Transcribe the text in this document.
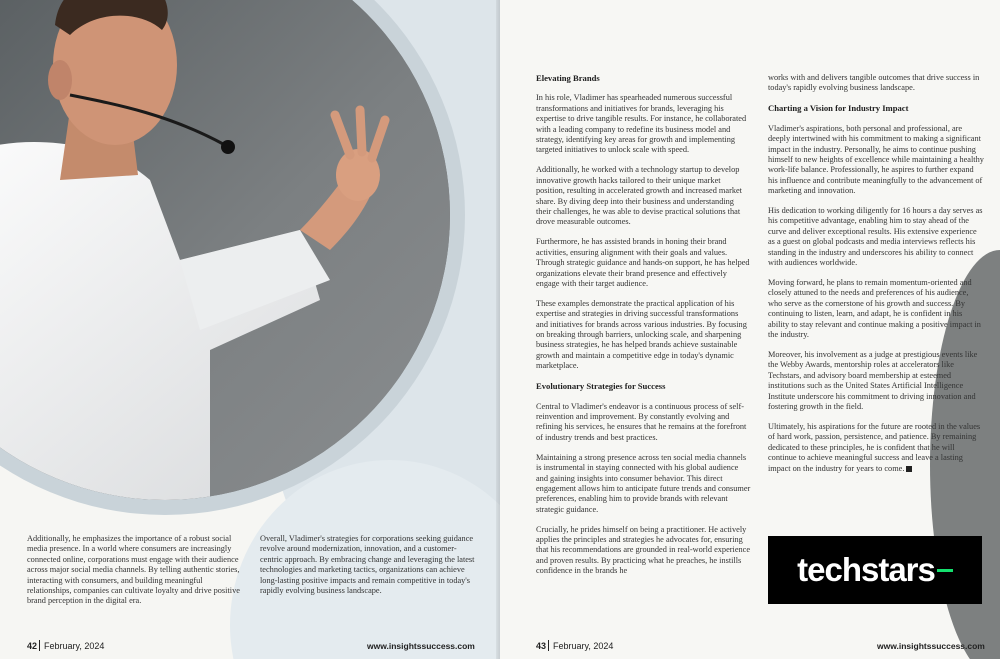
Additionally, he emphasizes the importance of a robust social media presence. In a world where consumers are increasingly connected online, corporations must engage with their audience across major social media channels. By telling authentic stories, interacting with consumers, and building meaningful relationships, companies can cultivate loyalty and drive positive brand perception in the digital era.

Overall, Vladimer's strategies for corporations seeking guidance revolve around modernization, innovation, and a customer-centric approach. By embracing change and leveraging the latest technologies and marketing tactics, organizations can achieve long-lasting positive impacts and remain competitive in today's rapidly evolving business landscape.

42 February, 2024	www.insightssuccess.com
Elevating Brands

In his role, Vladimer has spearheaded numerous successful transformations and initiatives for brands, leveraging his expertise to drive tangible results. For instance, he collaborated with a leading company to redefine its business model and strategy, identifying key areas for growth and implementing targeted initiatives to unlock scale with speed.

Additionally, he worked with a technology startup to develop innovative growth hacks tailored to their unique market position, resulting in accelerated growth and increased market share. By diving deep into their business and understanding their challenges, he was able to devise practical solutions that drove measurable outcomes.

Furthermore, he has assisted brands in honing their brand activities, ensuring alignment with their goals and values. Through strategic guidance and hands-on support, he has helped organizations elevate their brand presence and effectively engage with their target audience.

These examples demonstrate the practical application of his expertise and strategies in driving successful transformations and initiatives for brands across various industries. By focusing on breaking through barriers, unlocking scale, and sharpening business strategies, he has helped brands achieve sustainable growth and maintain a competitive edge in today's dynamic marketplace.

Evolutionary Strategies for Success

Central to Vladimer's endeavor is a continuous process of self-reinvention and improvement. By constantly evolving and refining his services, he ensures that he remains at the forefront of industry trends and best practices.

Maintaining a strong presence across ten social media channels is instrumental in staying connected with his global audience and gaining insights into consumer behavior. This direct engagement allows him to anticipate future trends and consumer preferences, enabling him to provide brands with relevant strategic guidance.

Crucially, he prides himself on being a practitioner. He actively applies the principles and strategies he advocates for, ensuring that his recommendations are grounded in real-world experience and proven results. By practicing what he preaches, he instills confidence in the brands he

works with and delivers tangible outcomes that drive success in today's rapidly evolving business landscape.

Charting a Vision for Industry Impact

Vladimer's aspirations, both personal and professional, are deeply intertwined with his commitment to making a significant impact in the industry. Personally, he aims to continue pushing himself to new heights of excellence while maintaining a healthy work-life balance. Professionally, he aspires to further expand his influence and contribute meaningfully to the advancement of marketing and innovation.

His dedication to working diligently for 16 hours a day serves as his competitive advantage, enabling him to stay ahead of the curve and deliver exceptional results. His extensive experience as a guest on global podcasts and media interviews reflects his standing in the industry and underscores his ability to connect with audiences worldwide.

Moving forward, he plans to remain momentum-oriented and closely attuned to the needs and preferences of his audience, who serve as the cornerstone of his growth and success. By continuing to listen, learn, and adapt, he is confident in his ability to stay relevant and continue making a positive impact in the industry.

Moreover, his involvement as a judge at prestigious events like the Webby Awards, mentorship roles at accelerators like Techstars, and advisory board membership at esteemed institutions such as the United States Artificial Intelligence Institute underscore his commitment to driving innovation and fostering growth in the field.

Ultimately, his aspirations for the future are rooted in the values of hard work, passion, persistence, and patience. By remaining dedicated to these principles, he is confident that he will continue to achieve meaningful success and leave a lasting impact on the industry for years to come.

techstars
43 February, 2024	www.insightssuccess.com
